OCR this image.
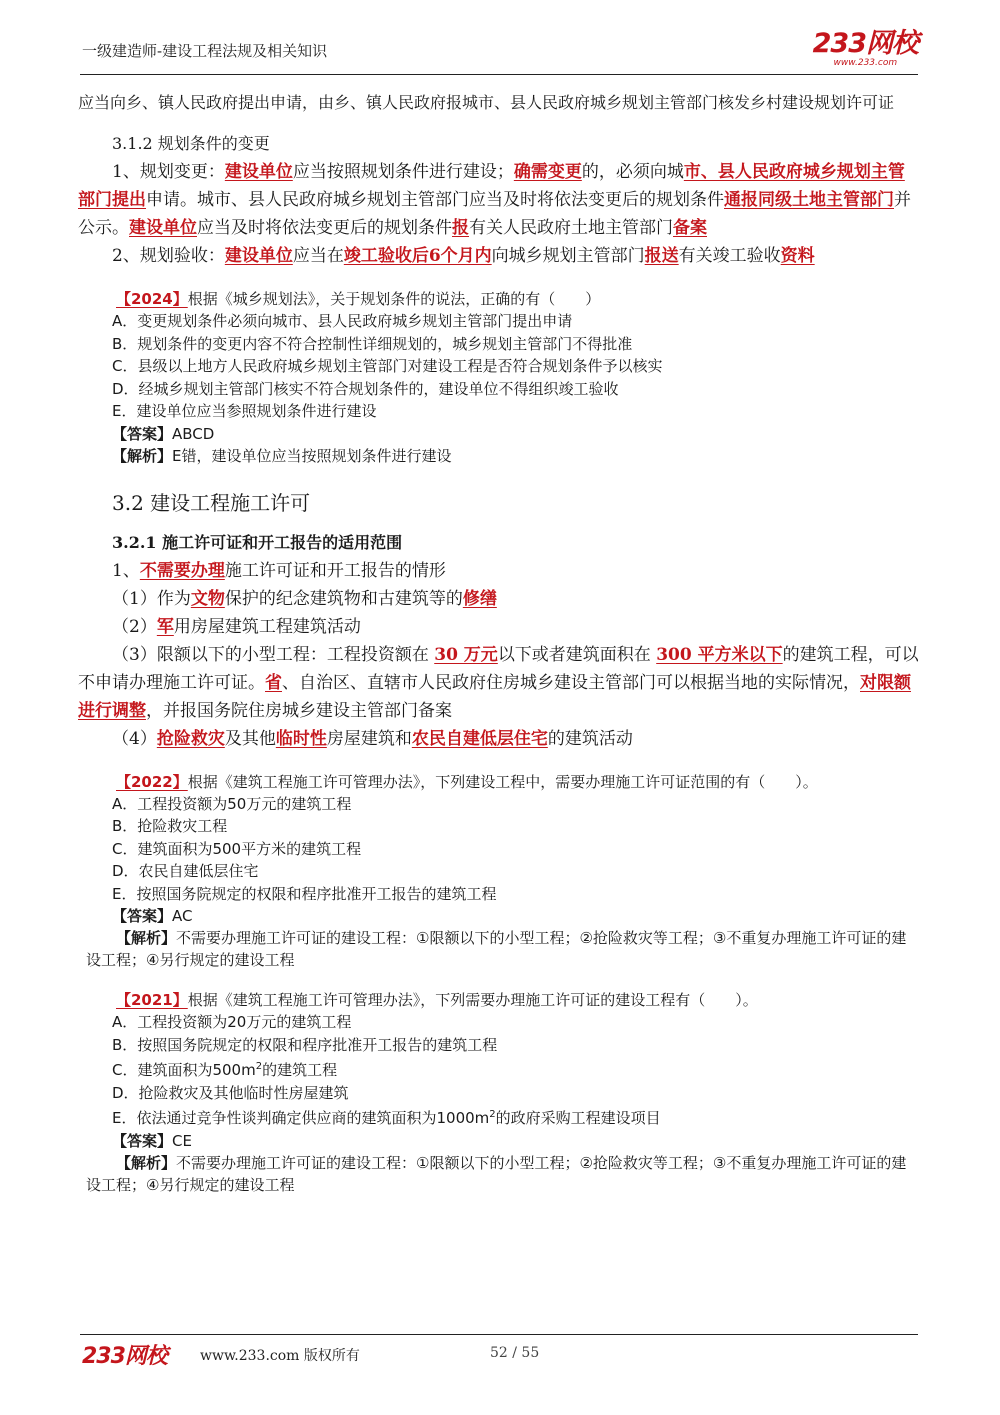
一级建造师-建设工程法规及相关知识	233网校
www.233.com

应当向乡、镇人民政府提出申请，由乡、镇人民政府报城市、县人民政府城乡规划主管部门核发乡村建设规划许可证

3.1.2 规划条件的变更

1、规划变更：建设单位应当按照规划条件进行建设；确需变更的，必须向城市、县人民政府城乡规划主管部门提出申请。城市、县人民政府城乡规划主管部门应当及时将依法变更后的规划条件通报同级土地主管部门并公示。建设单位应当及时将依法变更后的规划条件报有关人民政府土地主管部门备案

2、规划验收：建设单位应当在竣工验收后6个月内向城乡规划主管部门报送有关竣工验收资料

【2024】根据《城乡规划法》，关于规划条件的说法，正确的有（　　）

A．变更规划条件必须向城市、县人民政府城乡规划主管部门提出申请

B．规划条件的变更内容不符合控制性详细规划的，城乡规划主管部门不得批准

C．县级以上地方人民政府城乡规划主管部门对建设工程是否符合规划条件予以核实

D．经城乡规划主管部门核实不符合规划条件的，建设单位不得组织竣工验收

E．建设单位应当参照规划条件进行建设

【答案】ABCD

【解析】E错，建设单位应当按照规划条件进行建设

3.2 建设工程施工许可
3.2.1 施工许可证和开工报告的适用范围

1、不需要办理施工许可证和开工报告的情形

（1）作为文物保护的纪念建筑物和古建筑等的修缮

（2）军用房屋建筑工程建筑活动

（3）限额以下的小型工程：工程投资额在 30 万元以下或者建筑面积在 300 平方米以下的建筑工程，可以不申请办理施工许可证。省、自治区、直辖市人民政府住房城乡建设主管部门可以根据当地的实际情况，对限额进行调整，并报国务院住房城乡建设主管部门备案

（4）抢险救灾及其他临时性房屋建筑和农民自建低层住宅的建筑活动

【2022】根据《建筑工程施工许可管理办法》，下列建设工程中，需要办理施工许可证范围的有（　　）。

A．工程投资额为50万元的建筑工程

B．抢险救灾工程

C．建筑面积为500平方米的建筑工程

D．农民自建低层住宅

E．按照国务院规定的权限和程序批准开工报告的建筑工程

【答案】AC

【解析】不需要办理施工许可证的建设工程：①限额以下的小型工程；②抢险救灾等工程；③不重复办理施工许可证的建设工程；④另行规定的建设工程

【2021】根据《建筑工程施工许可管理办法》，下列需要办理施工许可证的建设工程有（　　）。

A．工程投资额为20万元的建筑工程

B．按照国务院规定的权限和程序批准开工报告的建筑工程

C．建筑面积为$500m^2$的建筑工程

D．抢险救灾及其他临时性房屋建筑

E．依法通过竞争性谈判确定供应商的建筑面积为$1000m^2$的政府采购工程建设项目

【答案】CE

【解析】不需要办理施工许可证的建设工程：①限额以下的小型工程；②抢险救灾等工程；③不重复办理施工许可证的建设工程；④另行规定的建设工程

233网校 www.233.com 版权所有	52 / 55
